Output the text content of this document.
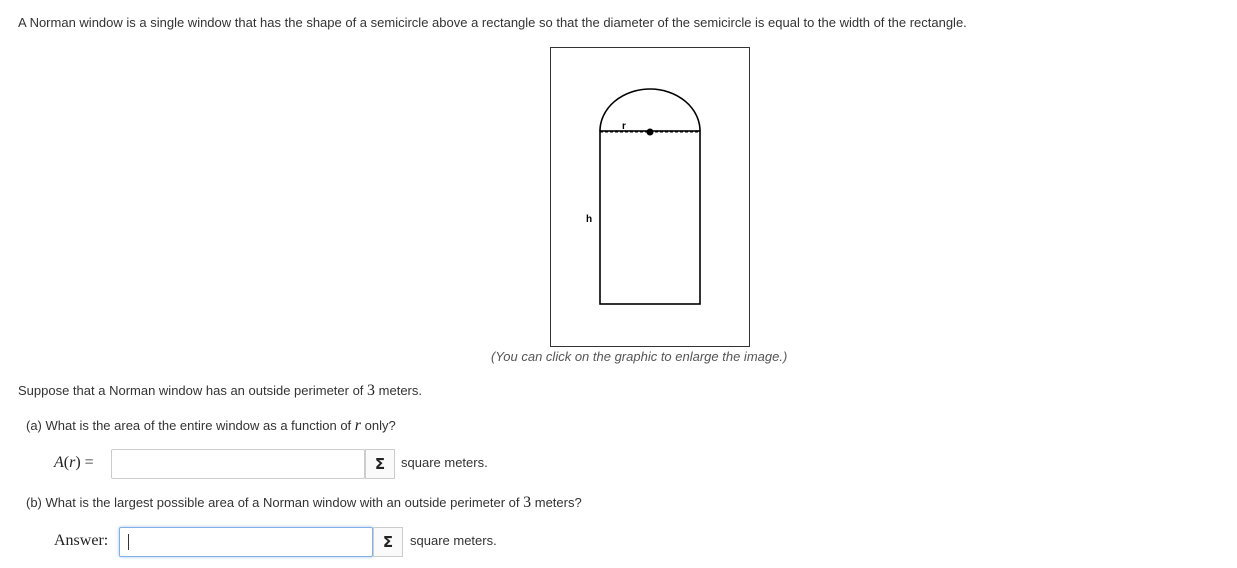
A Norman window is a single window that has the shape of a semicircle above a rectangle so that the diameter of the semicircle is equal to the width of the rectangle.
r
h
(You can click on the graphic to enlarge the image.)
Suppose that a Norman window has an outside perimeter of 3 meters.
(a) What is the area of the entire window as a function of r only?
A(r) =	Σ	square meters.
(b) What is the largest possible area of a Norman window with an outside perimeter of 3 meters?
Answer:	Σ	square meters.
